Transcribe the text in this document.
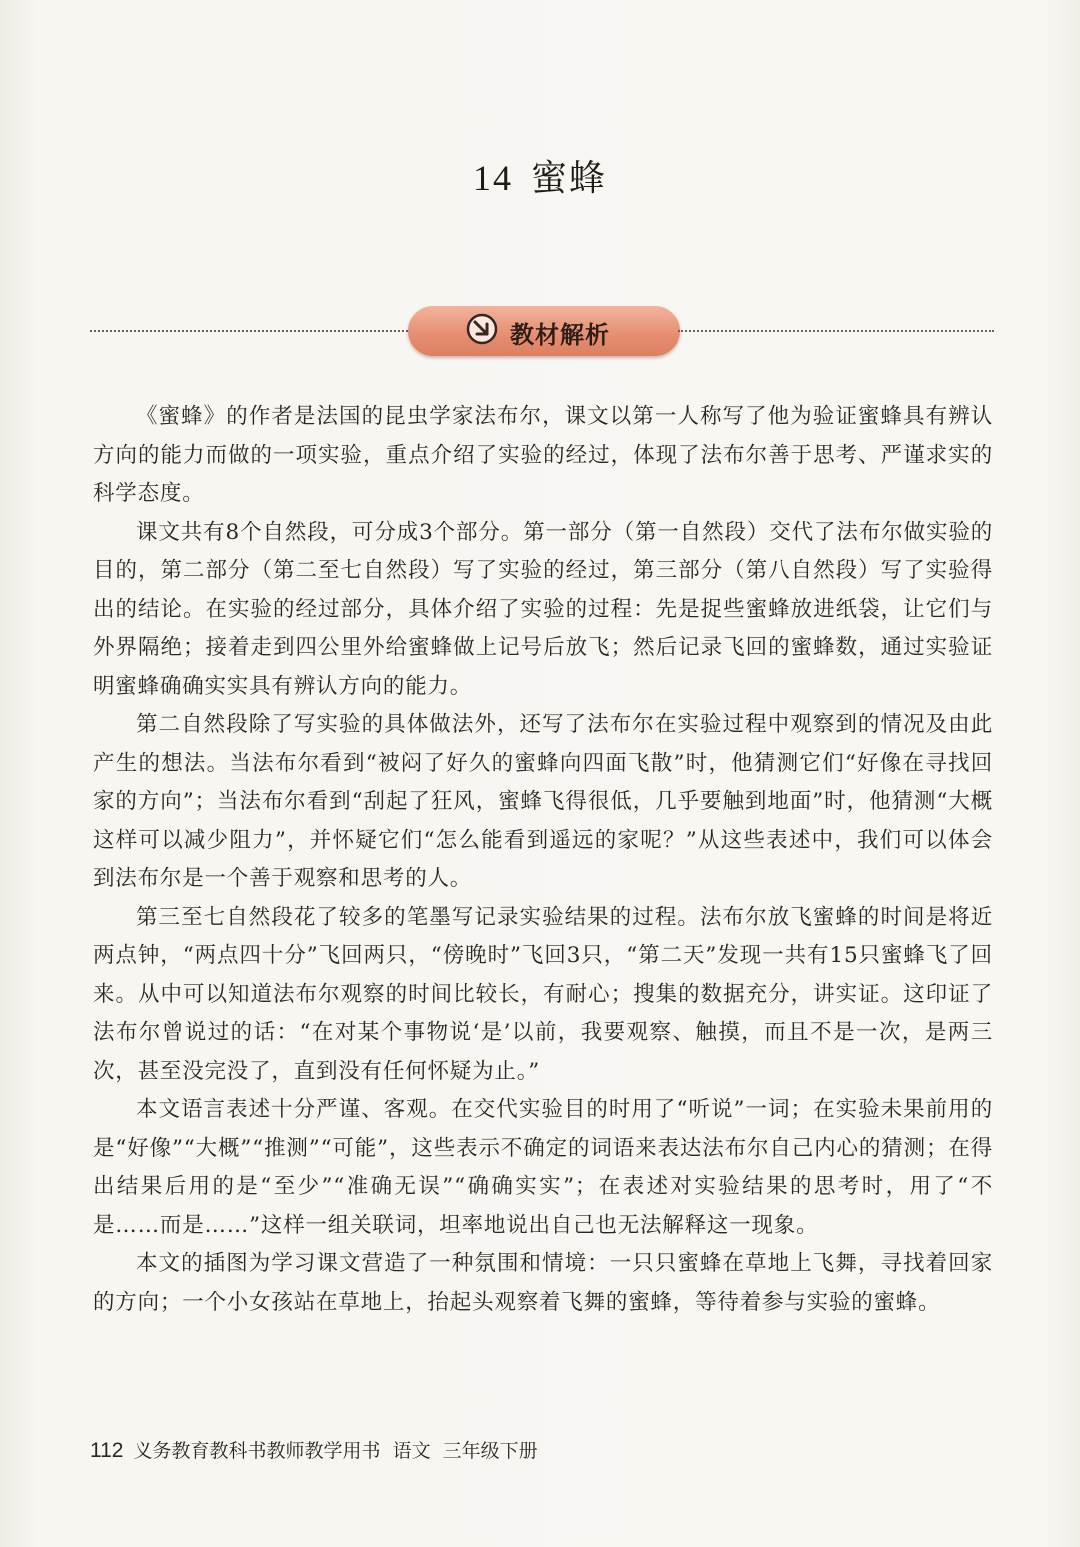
14 蜜蜂
教材解析

《蜜蜂》的作者是法国的昆虫学家法布尔，课文以第一人称写了他为验证蜜蜂具有辨认方向的能力而做的一项实验，重点介绍了实验的经过，体现了法布尔善于思考、严谨求实的科学态度。

课文共有8个自然段，可分成3个部分。第一部分（第一自然段）交代了法布尔做实验的目的，第二部分（第二至七自然段）写了实验的经过，第三部分（第八自然段）写了实验得出的结论。在实验的经过部分，具体介绍了实验的过程：先是捉些蜜蜂放进纸袋，让它们与外界隔绝；接着走到四公里外给蜜蜂做上记号后放飞；然后记录飞回的蜜蜂数，通过实验证明蜜蜂确确实实具有辨认方向的能力。

第二自然段除了写实验的具体做法外，还写了法布尔在实验过程中观察到的情况及由此产生的想法。当法布尔看到“被闷了好久的蜜蜂向四面飞散”时，他猜测它们“好像在寻找回家的方向”；当法布尔看到“刮起了狂风，蜜蜂飞得很低，几乎要触到地面”时，他猜测“大概这样可以减少阻力”，并怀疑它们“怎么能看到遥远的家呢？”从这些表述中，我们可以体会到法布尔是一个善于观察和思考的人。

第三至七自然段花了较多的笔墨写记录实验结果的过程。法布尔放飞蜜蜂的时间是将近两点钟，“两点四十分”飞回两只，“傍晚时”飞回3只，“第二天”发现一共有15只蜜蜂飞了回来。从中可以知道法布尔观察的时间比较长，有耐心；搜集的数据充分，讲实证。这印证了法布尔曾说过的话：“在对某个事物说‘是’以前，我要观察、触摸，而且不是一次，是两三次，甚至没完没了，直到没有任何怀疑为止。”

本文语言表述十分严谨、客观。在交代实验目的时用了“听说”一词；在实验未果前用的是“好像”“大概”“推测”“可能”，这些表示不确定的词语来表达法布尔自己内心的猜测；在得出结果后用的是“至少”“准确无误”“确确实实”；在表述对实验结果的思考时，用了“不是……而是……”这样一组关联词，坦率地说出自己也无法解释这一现象。

本文的插图为学习课文营造了一种氛围和情境：一只只蜜蜂在草地上飞舞，寻找着回家的方向；一个小女孩站在草地上，抬起头观察着飞舞的蜜蜂，等待着参与实验的蜜蜂。

112 义务教育教科书教师教学用书  语文  三年级下册
